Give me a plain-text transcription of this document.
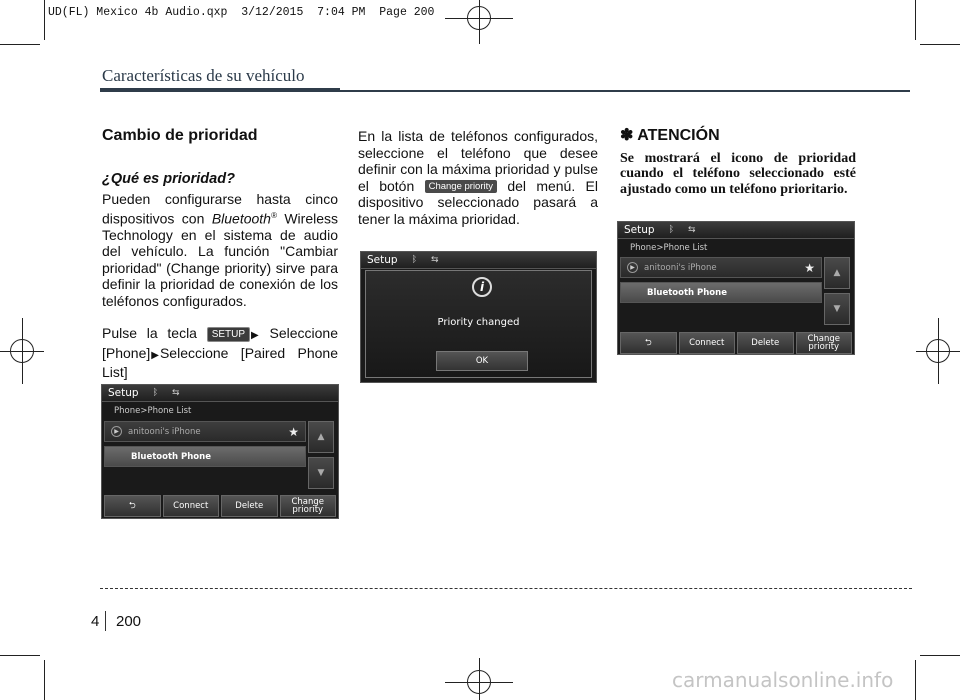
UD(FL) Mexico 4b Audio.qxp  3/12/2015  7:04 PM  Page 200
Características de su vehículo
Cambio de prioridad
¿Qué es prioridad?

Pueden configurarse hasta cinco dispositivos con Bluetooth® Wireless Technology en el sistema de audio del vehículo. La función "Cambiar prioridad" (Change priority) sirve para definir la prioridad de conexión de los teléfonos configurados.

Pulse la tecla SETUP ▶ Seleccione [Phone]▶Seleccione [Paired Phone List]

Setup ᛒ ⇆
Phone>Phone List
▶	anitooni's iPhone	★
Bluetooth Phone
▲
▼
⮌	Connect	Delete	Change
priority

En la lista de teléfonos configurados, seleccione el teléfono que desee definir con la máxima prioridad y pulse el botón Change priority del menú. El dispositivo seleccionado pasará a tener la máxima prioridad.

Setup ᛒ ⇆
i
Priority changed
OK
✽ ATENCIÓN
Se mostrará el icono de prioridad cuando el teléfono seleccionado esté ajustado como un teléfono prioritario.
Setup ᛒ ⇆
Phone>Phone List
▶	anitooni's iPhone	★
Bluetooth Phone
▲
▼
⮌	Connect	Delete	Change
priority
4 200
carmanualsonline.info
